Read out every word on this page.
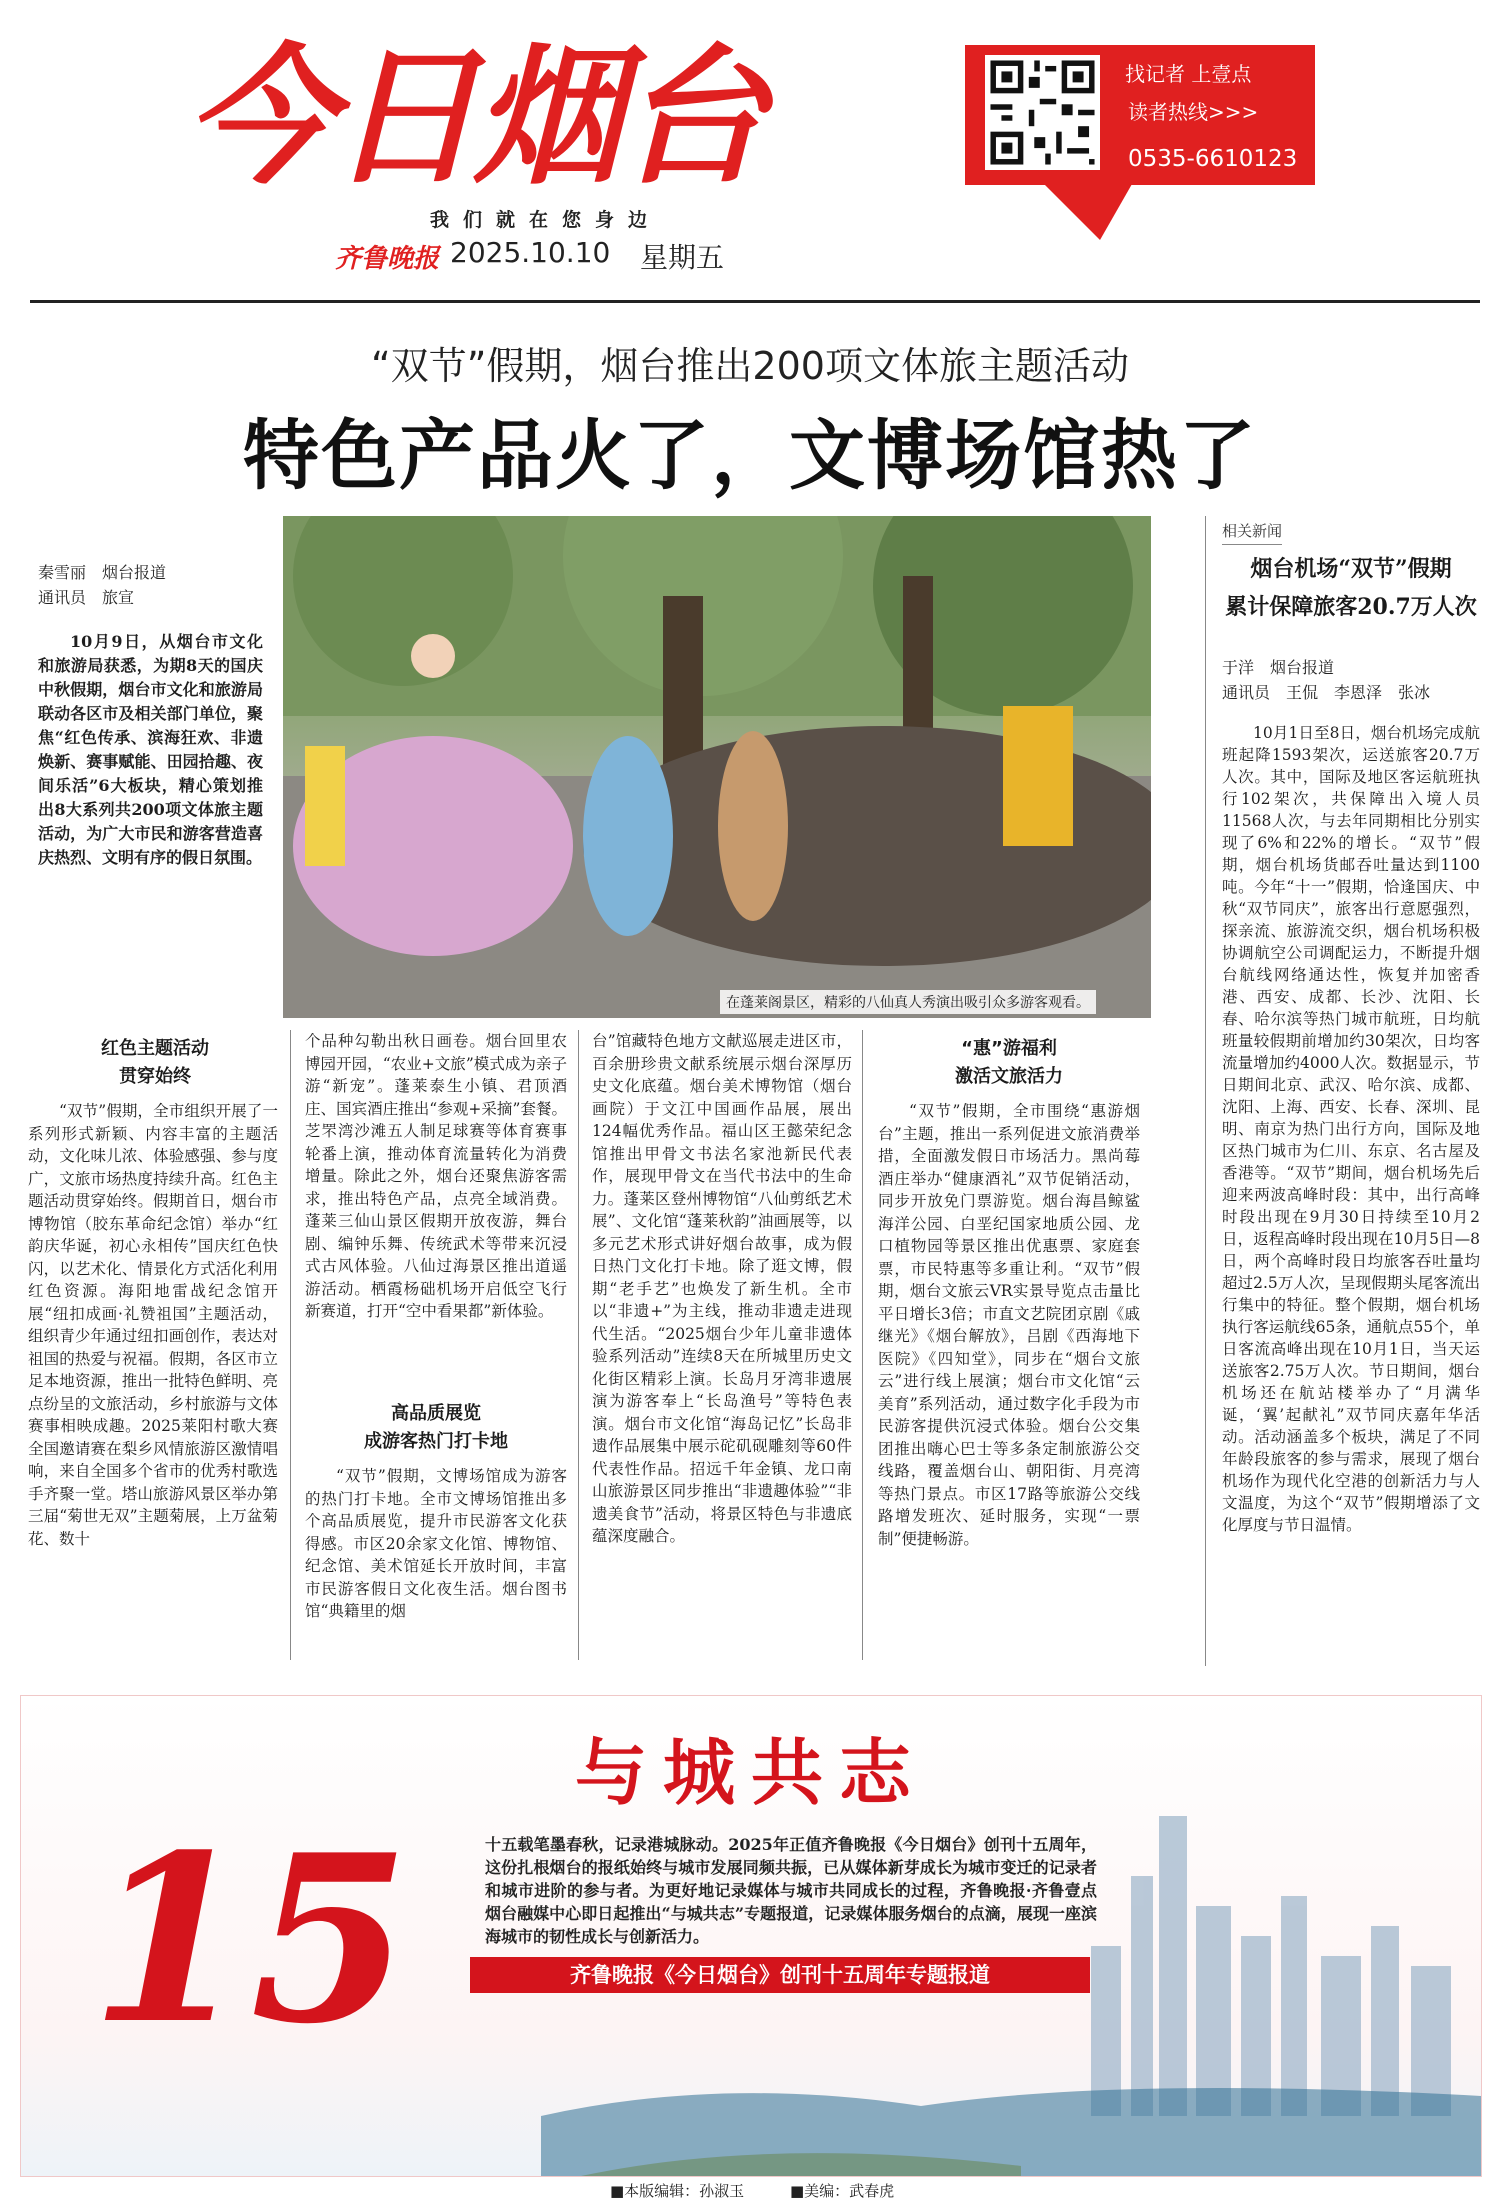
今日烟台	找记者 上壹点
读者热线>>>
0535-6610123
我们就在您身边
齐鲁晚报 2025.10.10 星期五
“双节”假期，烟台推出200项文体旅主题活动
特色产品火了，文博场馆热了
秦雪丽　烟台报道
通讯员　旅宣

10月9日，从烟台市文化和旅游局获悉，为期8天的国庆中秋假期，烟台市文化和旅游局联动各区市及相关部门单位，聚焦“红色传承、滨海狂欢、非遗焕新、赛事赋能、田园拾趣、夜间乐活”6大板块，精心策划推出8大系列共200项文体旅主题活动，为广大市民和游客营造喜庆热烈、文明有序的假日氛围。

在蓬莱阁景区，精彩的八仙真人秀演出吸引众多游客观看。
红色主题活动
贯穿始终

“双节”假期，全市组织开展了一系列形式新颖、内容丰富的主题活动，文化味儿浓、体验感强、参与度广，文旅市场热度持续升高。红色主题活动贯穿始终。假期首日，烟台市博物馆（胶东革命纪念馆）举办“红韵庆华诞，初心永相传”国庆红色快闪，以艺术化、情景化方式活化利用红色资源。海阳地雷战纪念馆开展“纽扣成画·礼赞祖国”主题活动，组织青少年通过纽扣画创作，表达对祖国的热爱与祝福。假期，各区市立足本地资源，推出一批特色鲜明、亮点纷呈的文旅活动，乡村旅游与文体赛事相映成趣。2025莱阳村歌大赛全国邀请赛在梨乡风情旅游区激情唱响，来自全国多个省市的优秀村歌选手齐聚一堂。塔山旅游风景区举办第三届“菊世无双”主题菊展，上万盆菊花、数十

个品种勾勒出秋日画卷。烟台回里农博园开园，“农业+文旅”模式成为亲子游“新宠”。蓬莱泰生小镇、君顶酒庄、国宾酒庄推出“参观+采摘”套餐。芝罘湾沙滩五人制足球赛等体育赛事轮番上演，推动体育流量转化为消费增量。除此之外，烟台还聚焦游客需求，推出特色产品，点亮全域消费。蓬莱三仙山景区假期开放夜游，舞台剧、编钟乐舞、传统武术等带来沉浸式古风体验。八仙过海景区推出道遥游活动。栖霞杨础机场开启低空飞行新赛道，打开“空中看果都”新体验。

高品质展览
成游客热门打卡地

“双节”假期，文博场馆成为游客的热门打卡地。全市文博场馆推出多个高品质展览，提升市民游客文化获得感。市区20余家文化馆、博物馆、纪念馆、美术馆延长开放时间，丰富市民游客假日文化夜生活。烟台图书馆“典籍里的烟

台”馆藏特色地方文献巡展走进区市，百余册珍贵文献系统展示烟台深厚历史文化底蕴。烟台美术博物馆（烟台画院）于文江中国画作品展，展出124幅优秀作品。福山区王懿荣纪念馆推出甲骨文书法名家池新民代表作，展现甲骨文在当代书法中的生命力。蓬莱区登州博物馆“八仙剪纸艺术展”、文化馆“蓬莱秋韵”油画展等，以多元艺术形式讲好烟台故事，成为假日热门文化打卡地。除了逛文博，假期“老手艺”也焕发了新生机。全市以“非遗+”为主线，推动非遗走进现代生活。“2025烟台少年儿童非遗体验系列活动”连续8天在所城里历史文化街区精彩上演。长岛月牙湾非遗展演为游客奉上“长岛渔号”等特色表演。烟台市文化馆“海岛记忆”长岛非遗作品展集中展示砣矶砚雕刻等60件代表性作品。招远千年金镇、龙口南山旅游景区同步推出“非遗趣体验”“非遗美食节”活动，将景区特色与非遗底蕴深度融合。

“惠”游福利
激活文旅活力

“双节”假期，全市围绕“惠游烟台”主题，推出一系列促进文旅消费举措，全面激发假日市场活力。黑尚莓酒庄举办“健康酒礼”双节促销活动，同步开放免门票游览。烟台海昌鲸鲨海洋公园、白垩纪国家地质公园、龙口植物园等景区推出优惠票、家庭套票，市民特惠等多重让利。“双节”假期，烟台文旅云VR实景导览点击量比平日增长3倍；市直文艺院团京剧《戚继光》《烟台解放》，吕剧《西海地下医院》《四知堂》，同步在“烟台文旅云”进行线上展演；烟台市文化馆“云美育”系列活动，通过数字化手段为市民游客提供沉浸式体验。烟台公交集团推出嗨心巴士等多条定制旅游公交线路，覆盖烟台山、朝阳街、月亮湾等热门景点。市区17路等旅游公交线路增发班次、延时服务，实现“一票制”便捷畅游。

相关新闻
烟台机场“双节”假期
累计保障旅客20.7万人次
于洋　烟台报道
通讯员　王侃　李恩泽　张冰

10月1日至8日，烟台机场完成航班起降1593架次，运送旅客20.7万人次。其中，国际及地区客运航班执行102架次，共保障出入境人员11568人次，与去年同期相比分别实现了6%和22%的增长。“双节”假期，烟台机场货邮吞吐量达到1100吨。今年“十一”假期，恰逢国庆、中秋“双节同庆”，旅客出行意愿强烈，探亲流、旅游流交织，烟台机场积极协调航空公司调配运力，不断提升烟台航线网络通达性，恢复并加密香港、西安、成都、长沙、沈阳、长春、哈尔滨等热门城市航班，日均航班量较假期前增加约30架次，日均客流量增加约4000人次。数据显示，节日期间北京、武汉、哈尔滨、成都、沈阳、上海、西安、长春、深圳、昆明、南京为热门出行方向，国际及地区热门城市为仁川、东京、名古屋及香港等。“双节”期间，烟台机场先后迎来两波高峰时段：其中，出行高峰时段出现在9月30日持续至10月2日，返程高峰时段出现在10月5日—8日，两个高峰时段日均旅客吞吐量均超过2.5万人次，呈现假期头尾客流出行集中的特征。整个假期，烟台机场执行客运航线65条，通航点55个，单日客流高峰出现在10月1日，当天运送旅客2.75万人次。节日期间，烟台机场还在航站楼举办了“月满华诞，‘翼’起献礼”双节同庆嘉年华活动。活动涵盖多个板块，满足了不同年龄段旅客的参与需求，展现了烟台机场作为现代化空港的创新活力与人文温度，为这个“双节”假期增添了文化厚度与节日温情。

15
与城共志
十五载笔墨春秋，记录港城脉动。2025年正值齐鲁晚报《今日烟台》创刊十五周年，这份扎根烟台的报纸始终与城市发展同频共振，已从媒体新芽成长为城市变迁的记录者和城市进阶的参与者。为更好地记录媒体与城市共同成长的过程，齐鲁晚报·齐鲁壹点烟台融媒中心即日起推出“与城共志”专题报道，记录媒体服务烟台的点滴，展现一座滨海城市的韧性成长与创新活力。
齐鲁晚报《今日烟台》创刊十五周年专题报道
■本版编辑：孙淑玉	■美编：武春虎
